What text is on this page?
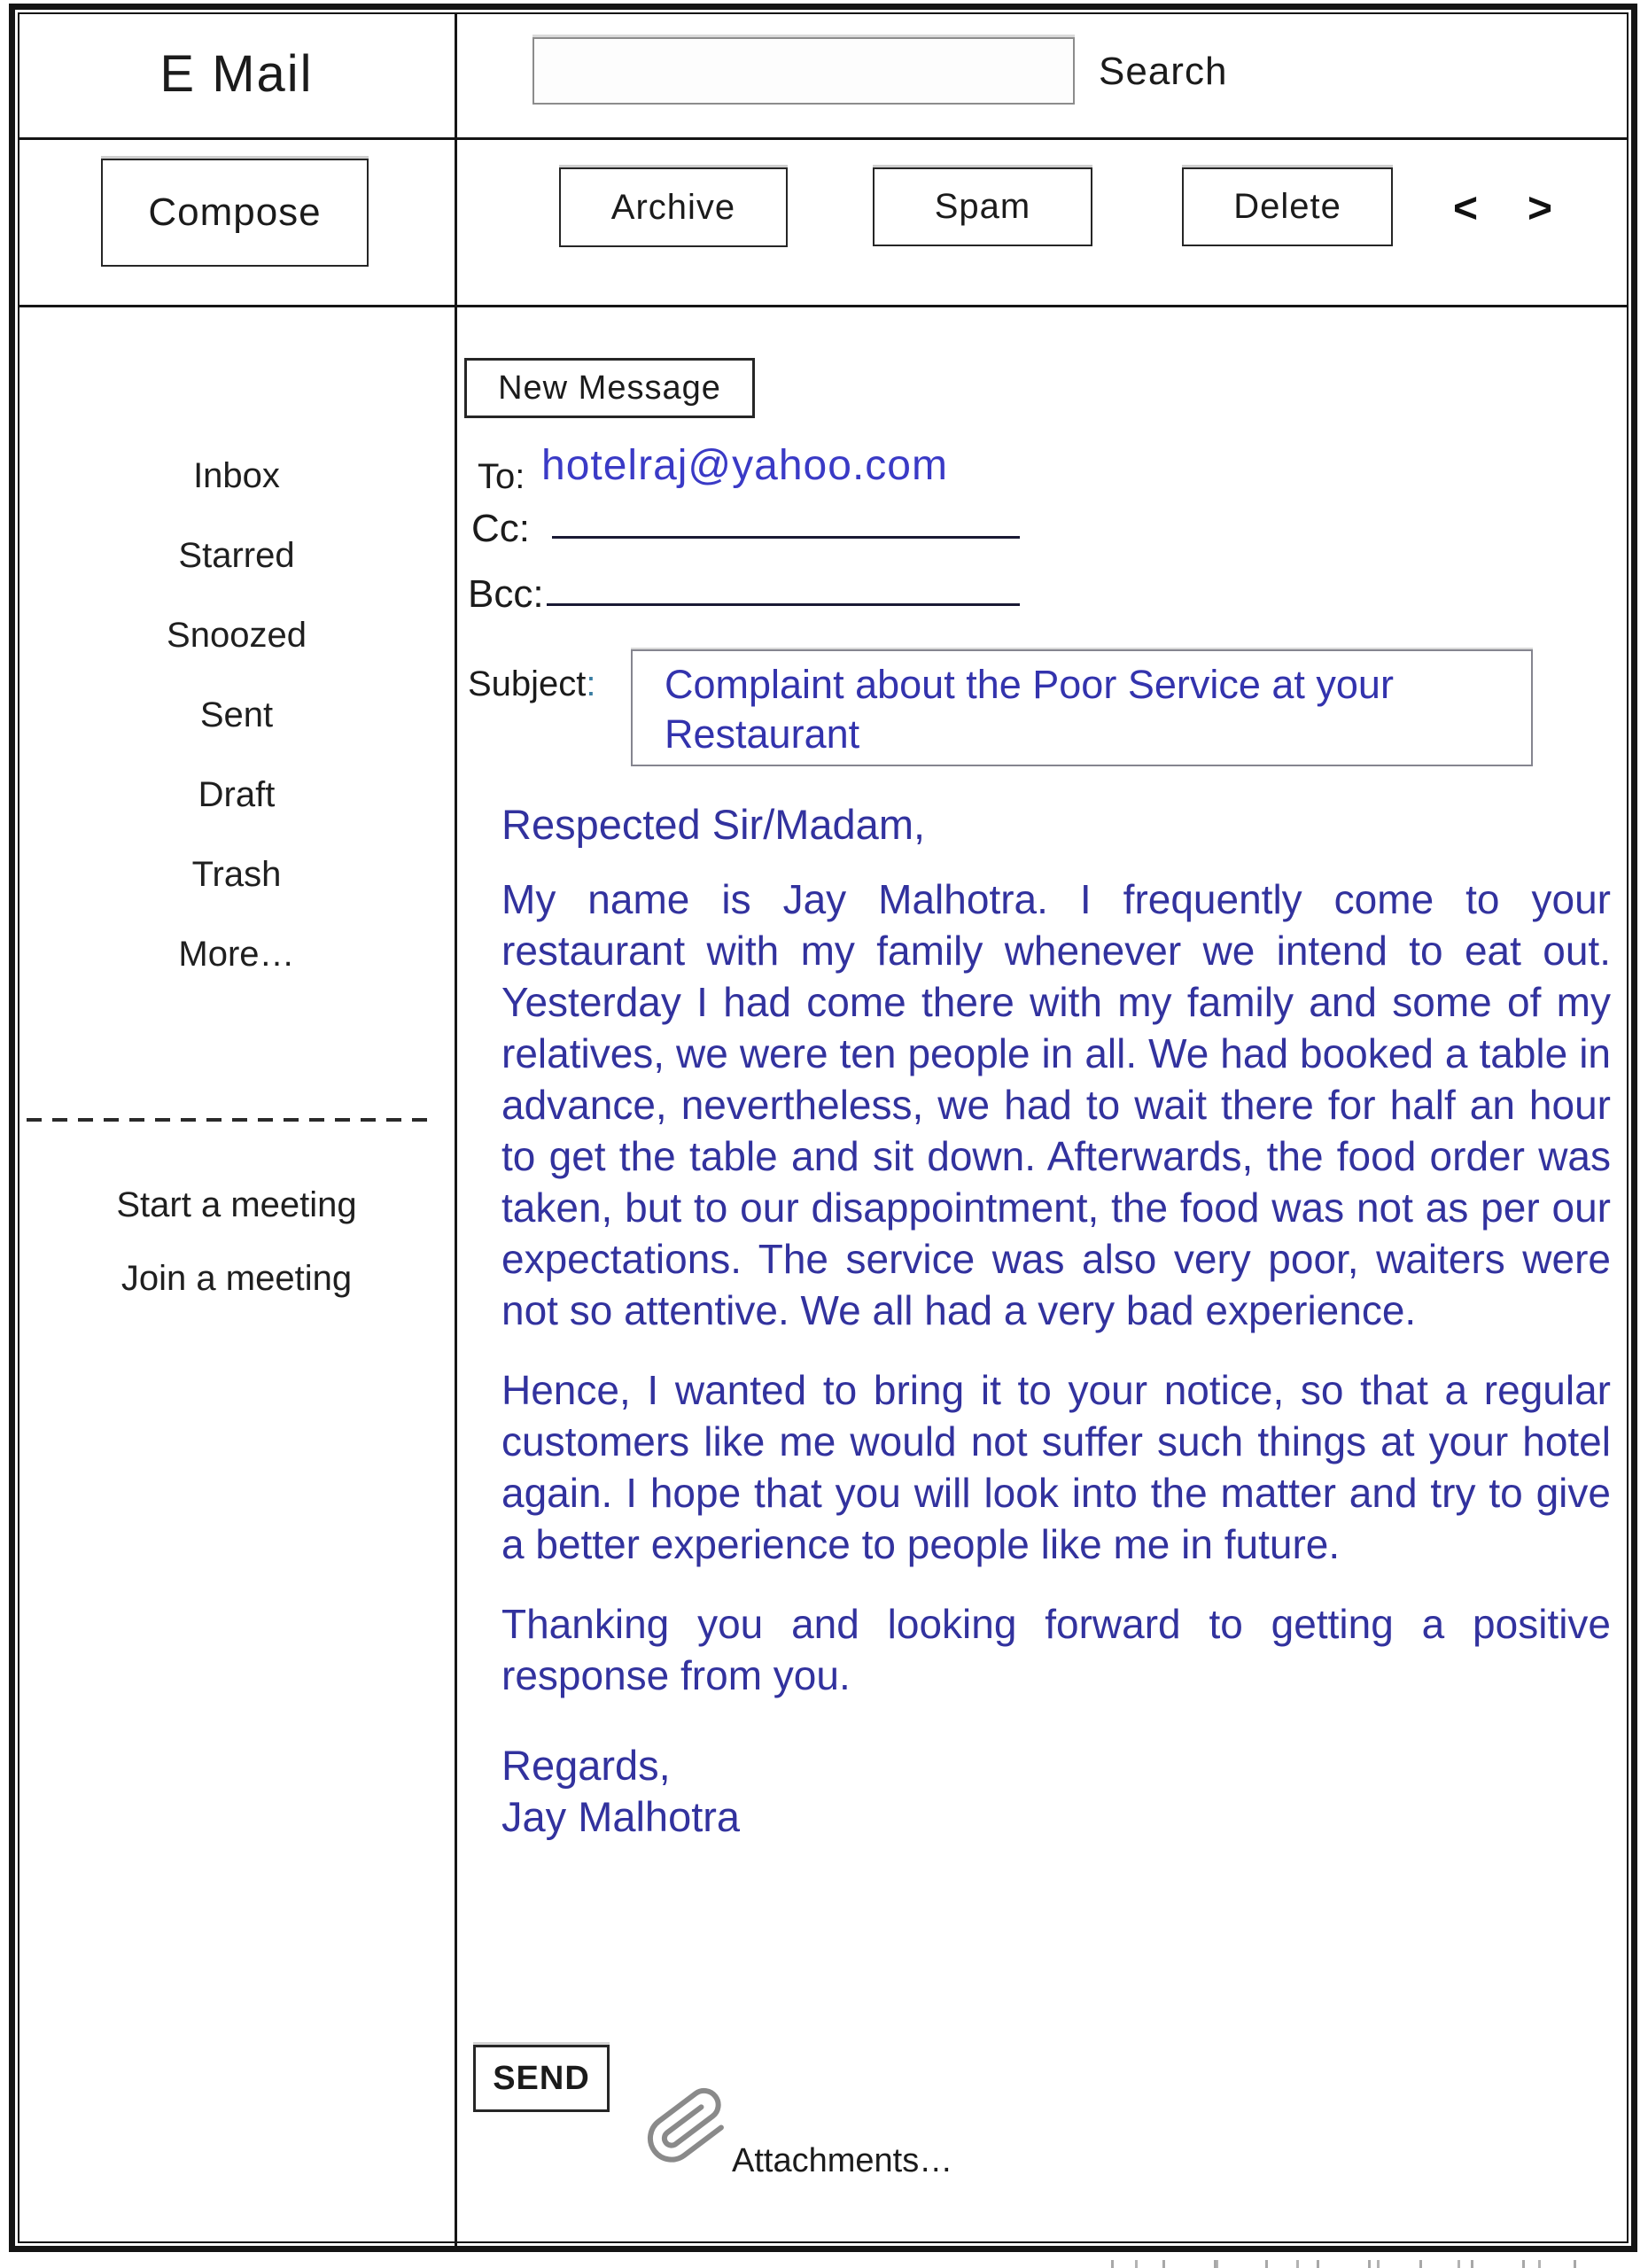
E Mail	Search
Compose	Archive	Spam	Delete	<	>
Inbox
Starred
Snoozed
Sent
Draft
Trash
More…
Start a meeting
Join a meeting
New Message
To: hotelraj@yahoo.com
Cc:
Bcc:
Subject:	Complaint about the Poor Service at your Restaurant
Respected Sir/Madam,

My name is Jay Malhotra. I frequently come to your restaurant with my family whenever we intend to eat out. Yesterday I had come there with my family and some of my relatives, we were ten people in all. We had booked a table in advance, nevertheless, we had to wait there for half an hour to get the table and sit down. Afterwards, the food order was taken, but to our disappointment, the food was not as per our expectations. The service was also very poor, waiters were not so attentive. We all had a very bad experience.

Hence, I wanted to bring it to your notice, so that a regular customers like me would not suffer such things at your hotel again. I hope that you will look into the matter and try to give a better experience to people like me in future.

Thanking you and looking forward to getting a positive response from you.

Regards,
Jay Malhotra
SEND
Attachments…
